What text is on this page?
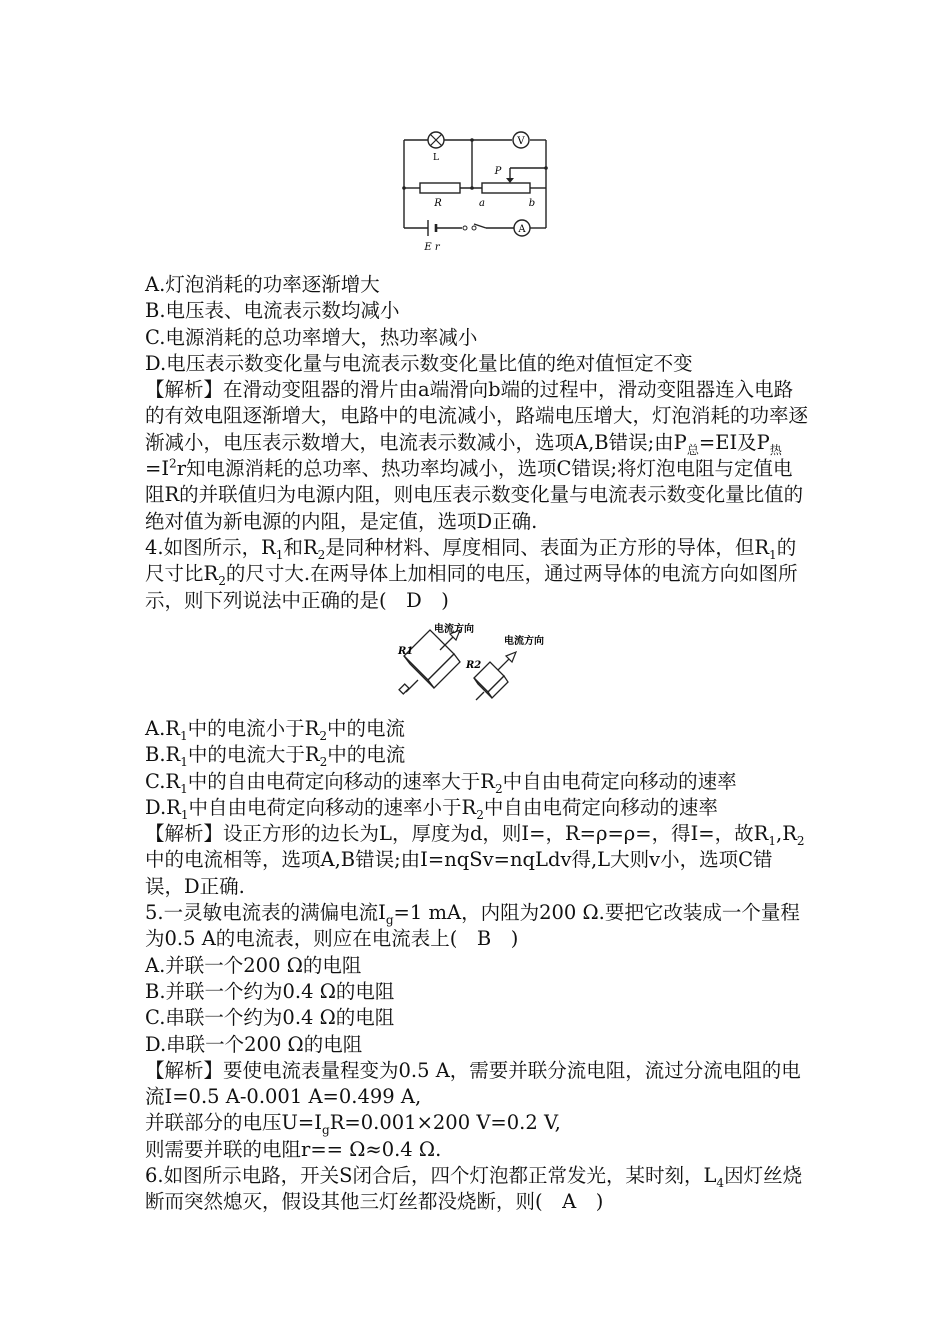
V
A
L
R
P
a	b
E r

A.灯泡消耗的功率逐渐增大

B.电压表、电流表示数均减小

C.电源消耗的总功率增大，热功率减小

D.电压表示数变化量与电流表示数变化量比值的绝对值恒定不变

【解析】在滑动变阻器的滑片由a端滑向b端的过程中，滑动变阻器连入电路的有效电阻逐渐增大，电路中的电流减小，路端电压增大，灯泡消耗的功率逐渐减小，电压表示数增大，电流表示数减小，选项A,B错误;由$P_总=EI$及$P_热=I^2r$知电源消耗的总功率、热功率均减小，选项C错误;将灯泡电阻与定值电阻R的并联值归为电源内阻，则电压表示数变化量与电流表示数变化量比值的绝对值为新电源的内阻，是定值，选项D正确.

4.如图所示，$R_1$和$R_2$是同种材料、厚度相同、表面为正方形的导体，但$R_1$的尺寸比$R_2$的尺寸大.在两导体上加相同的电压，通过两导体的电流方向如图所示，则下列说法中正确的是(　D　)

R1
R2
电流方向
电流方向

$A.R_1$中的电流小于$R_2$中的电流

$B.R_1$中的电流大于$R_2$中的电流

$C.R_1$中的自由电荷定向移动的速率大于$R_2$中自由电荷定向移动的速率

$D.R_1$中自由电荷定向移动的速率小于$R_2$中自由电荷定向移动的速率

【解析】设正方形的边长为L，厚度为d，则I=，R=ρ=ρ=，得I=，故$R_1,R_2$中的电流相等，选项A,B错误;由I=nqSv=nqLdv得,L大则v小，选项C错误，D正确.

5.一灵敏电流表的满偏电流$I_g=1$ mA，内阻为200 Ω.要把它改装成一个量程为0.5 A的电流表，则应在电流表上(　B　)

A.并联一个200 Ω的电阻

B.并联一个约为0.4 Ω的电阻

C.串联一个约为0.4 Ω的电阻

D.串联一个200 Ω的电阻

【解析】要使电流表量程变为0.5 A，需要并联分流电阻，流过分流电阻的电流I=0.5 A-0.001 A=0.499 A,

并联部分的电压$U=I_gR=0.001\times 200$ V=0.2 V,

则需要并联的电阻r== Ω≈0.4 Ω.

6.如图所示电路，开关S闭合后，四个灯泡都正常发光，某时刻，$L_4$因灯丝烧断而突然熄灭，假设其他三灯丝都没烧断，则(　A　)
